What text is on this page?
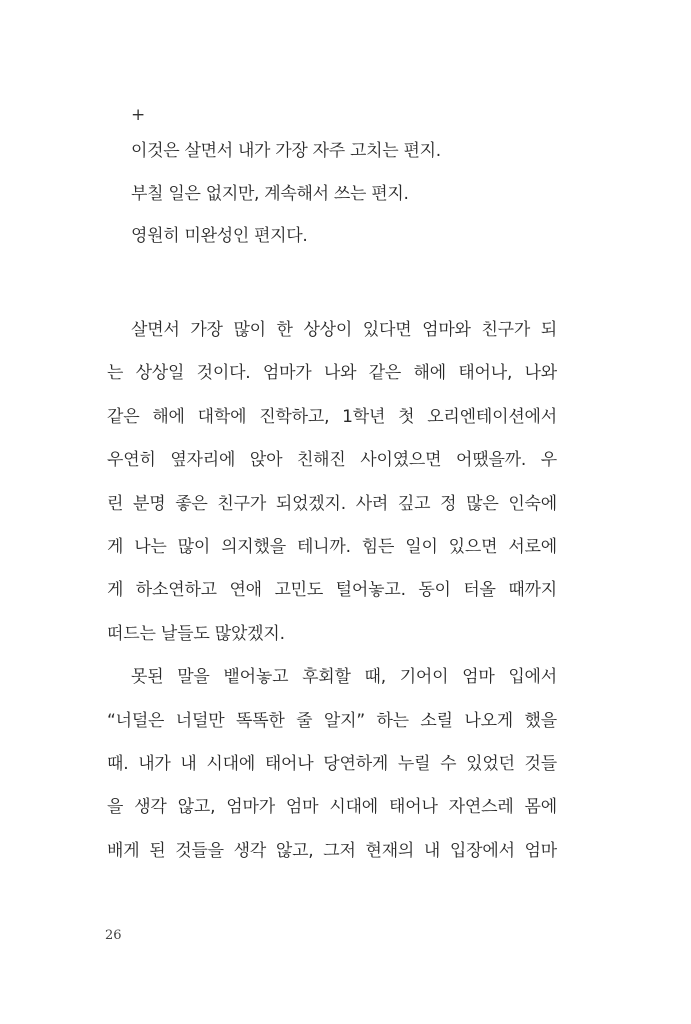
+
이것은 살면서 내가 가장 자주 고치는 편지.
부칠 일은 없지만, 계속해서 쓰는 편지.
영원히 미완성인 편지다.

살면서 가장 많이 한 상상이 있다면 엄마와 친구가 되
는 상상일 것이다. 엄마가 나와 같은 해에 태어나, 나와
같은 해에 대학에 진학하고, 1학년 첫 오리엔테이션에서
우연히 옆자리에 앉아 친해진 사이였으면 어땠을까. 우
린 분명 좋은 친구가 되었겠지. 사려 깊고 정 많은 인숙에
게 나는 많이 의지했을 테니까. 힘든 일이 있으면 서로에
게 하소연하고 연애 고민도 털어놓고. 동이 터올 때까지
떠드는 날들도 많았겠지.

못된 말을 뱉어놓고 후회할 때, 기어이 엄마 입에서
“너덜은 너덜만 똑똑한 줄 알지” 하는 소릴 나오게 했을
때. 내가 내 시대에 태어나 당연하게 누릴 수 있었던 것들
을 생각 않고, 엄마가 엄마 시대에 태어나 자연스레 몸에
배게 된 것들을 생각 않고, 그저 현재의 내 입장에서 엄마

26
